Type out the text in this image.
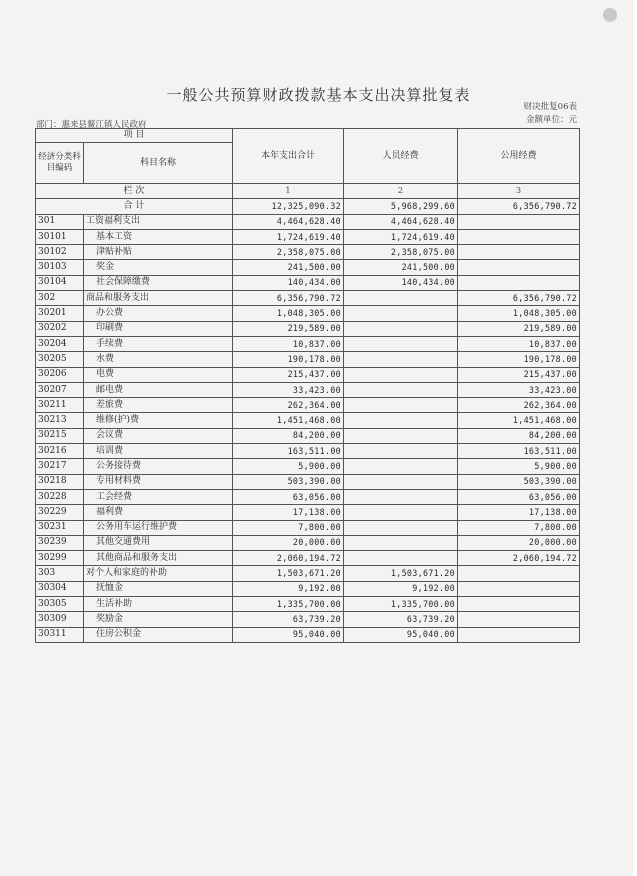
一般公共预算财政拨款基本支出决算批复表
财决批复06表
部门：惠来县鳌江镇人民政府	金额单位：元
项 目		本年支出合计	人员经费	公用经费
经济分类科目编码	科目名称			

栏 次		1	2	3
合 计		12,325,090.32	5,968,299.60	6,356,790.72
301	工资福利支出	4,464,628.40	4,464,628.40	
30101	基本工资	1,724,619.40	1,724,619.40	
30102	津贴补贴	2,358,075.00	2,358,075.00	
30103	奖金	241,500.00	241,500.00	
30104	社会保障缴费	140,434.00	140,434.00	
302	商品和服务支出	6,356,790.72		6,356,790.72
30201	办公费	1,048,305.00		1,048,305.00
30202	印刷费	219,589.00		219,589.00
30204	手续费	10,837.00		10,837.00
30205	水费	190,178.00		190,178.00
30206	电费	215,437.00		215,437.00
30207	邮电费	33,423.00		33,423.00
30211	差旅费	262,364.00		262,364.00
30213	维修(护)费	1,451,468.00		1,451,468.00
30215	会议费	84,200.00		84,200.00
30216	培训费	163,511.00		163,511.00
30217	公务接待费	5,900.00		5,900.00
30218	专用材料费	503,390.00		503,390.00
30228	工会经费	63,056.00		63,056.00
30229	福利费	17,138.00		17,138.00
30231	公务用车运行维护费	7,800.00		7,800.00
30239	其他交通费用	20,000.00		20,000.00
30299	其他商品和服务支出	2,060,194.72		2,060,194.72
303	对个人和家庭的补助	1,503,671.20	1,503,671.20	
30304	抚恤金	9,192.00	9,192.00	
30305	生活补助	1,335,700.00	1,335,700.00	
30309	奖励金	63,739.20	63,739.20	
30311	住房公积金	95,040.00	95,040.00	
